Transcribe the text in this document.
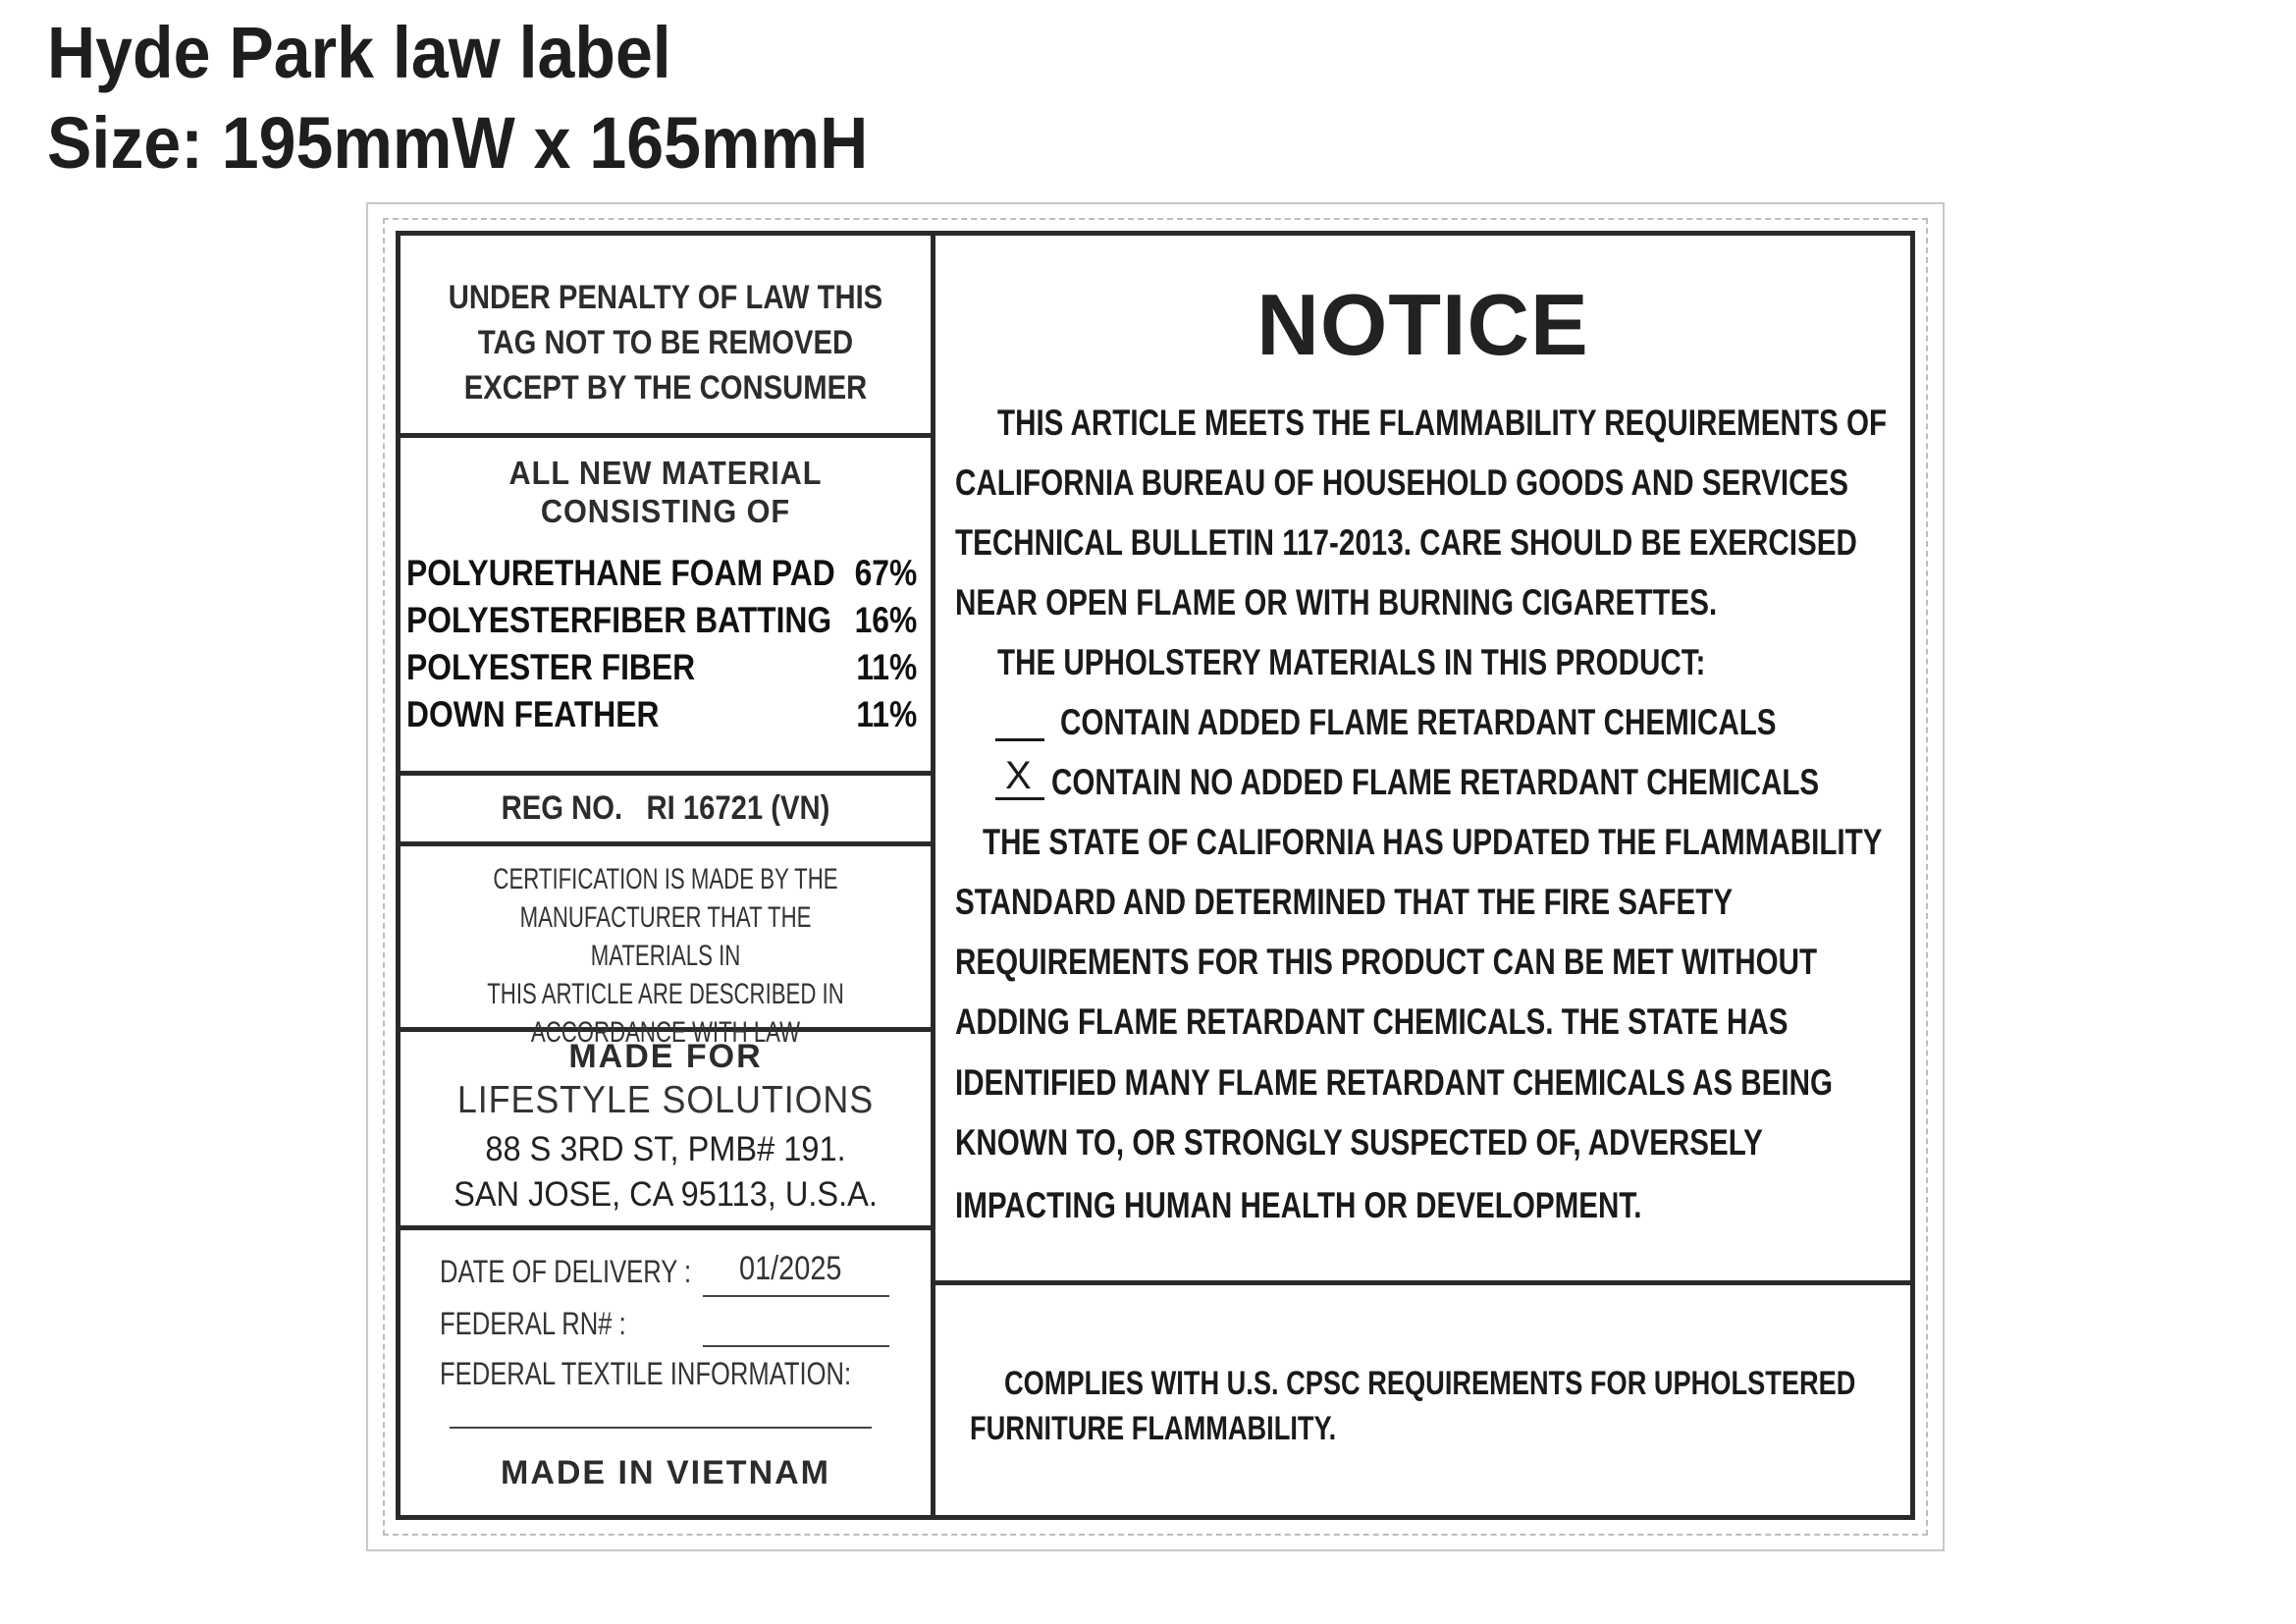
Hyde Park law label
Size: 195mmW x 165mmH
UNDER PENALTY OF LAW THIS
TAG NOT TO BE REMOVED
EXCEPT BY THE CONSUMER
ALL NEW MATERIAL
CONSISTING OF
POLYURETHANE FOAM PAD 67%
POLYESTERFIBER BATTING 16%
POLYESTER FIBER	11%
DOWN FEATHER	11%
REG NO.   RI 16721 (VN)
CERTIFICATION IS MADE BY THE
MANUFACTURER THAT THE MATERIALS IN
THIS ARTICLE ARE DESCRIBED IN
ACCORDANCE WITH LAW
MADE FOR
LIFESTYLE SOLUTIONS
88 S 3RD ST, PMB# 191.
SAN JOSE, CA 95113, U.S.A.
DATE OF DELIVERY : 01/2025
FEDERAL RN# :
FEDERAL TEXTILE INFORMATION:
MADE IN VIETNAM
NOTICE
THIS ARTICLE MEETS THE FLAMMABILITY REQUIREMENTS OF
CALIFORNIA BUREAU OF HOUSEHOLD GOODS AND SERVICES
TECHNICAL BULLETIN 117-2013. CARE SHOULD BE EXERCISED
NEAR OPEN FLAME OR WITH BURNING CIGARETTES.
THE UPHOLSTERY MATERIALS IN THIS PRODUCT:
CONTAIN ADDED FLAME RETARDANT CHEMICALS
X CONTAIN NO ADDED FLAME RETARDANT CHEMICALS
THE STATE OF CALIFORNIA HAS UPDATED THE FLAMMABILITY
STANDARD AND DETERMINED THAT THE FIRE SAFETY
REQUIREMENTS FOR THIS PRODUCT CAN BE MET WITHOUT
ADDING FLAME RETARDANT CHEMICALS. THE STATE HAS
IDENTIFIED MANY FLAME RETARDANT CHEMICALS AS BEING
KNOWN TO, OR STRONGLY SUSPECTED OF, ADVERSELY
IMPACTING HUMAN HEALTH OR DEVELOPMENT.
COMPLIES WITH U.S. CPSC REQUIREMENTS FOR UPHOLSTERED
FURNITURE FLAMMABILITY.
